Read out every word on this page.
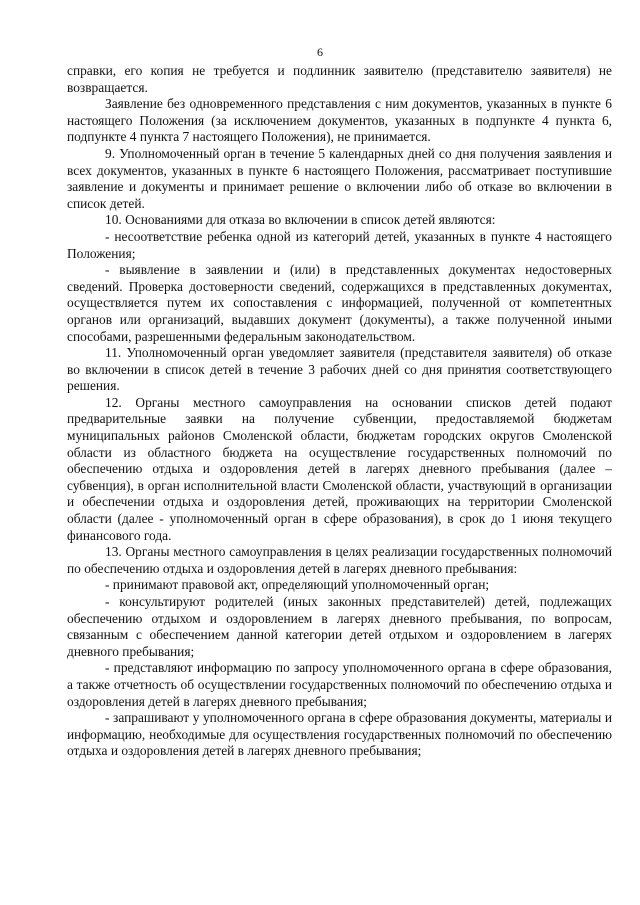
6

справки, его копия не требуется и подлинник заявителю (представителю заявителя) не возвращается.

Заявление без одновременного представления с ним документов, указанных в пункте 6 настоящего Положения (за исключением документов, указанных в подпункте 4 пункта 6, подпункте 4 пункта 7 настоящего Положения), не принимается.

9. Уполномоченный орган в течение 5 календарных дней со дня получения заявления и всех документов, указанных в пункте 6 настоящего Положения, рассматривает поступившие заявление и документы и принимает решение о включении либо об отказе во включении в список детей.

10. Основаниями для отказа во включении в список детей являются:

- несоответствие ребенка одной из категорий детей, указанных в пункте 4 настоящего Положения;

- выявление в заявлении и (или) в представленных документах недостоверных сведений. Проверка достоверности сведений, содержащихся в представленных документах, осуществляется путем их сопоставления с информацией, полученной от компетентных органов или организаций, выдавших документ (документы), а также полученной иными способами, разрешенными федеральным законодательством.

11. Уполномоченный орган уведомляет заявителя (представителя заявителя) об отказе во включении в список детей в течение 3 рабочих дней со дня принятия соответствующего решения.

12. Органы местного самоуправления на основании списков детей подают предварительные заявки на получение субвенции, предоставляемой бюджетам муниципальных районов Смоленской области, бюджетам городских округов Смоленской области из областного бюджета на осуществление государственных полномочий по обеспечению отдыха и оздоровления детей в лагерях дневного пребывания (далее – субвенция), в орган исполнительной власти Смоленской области, участвующий в организации и обеспечении отдыха и оздоровления детей, проживающих на территории Смоленской области (далее - уполномоченный орган в сфере образования), в срок до 1 июня текущего финансового года.

13. Органы местного самоуправления в целях реализации государственных полномочий по обеспечению отдыха и оздоровления детей в лагерях дневного пребывания:

- принимают правовой акт, определяющий уполномоченный орган;

- консультируют родителей (иных законных представителей) детей, подлежащих обеспечению отдыхом и оздоровлением в лагерях дневного пребывания, по вопросам, связанным с обеспечением данной категории детей отдыхом и оздоровлением в лагерях дневного пребывания;

- представляют информацию по запросу уполномоченного органа в сфере образования, а также отчетность об осуществлении государственных полномочий по обеспечению отдыха и оздоровления детей в лагерях дневного пребывания;

- запрашивают у уполномоченного органа в сфере образования документы, материалы и информацию, необходимые для осуществления государственных полномочий по обеспечению отдыха и оздоровления детей в лагерях дневного пребывания;
